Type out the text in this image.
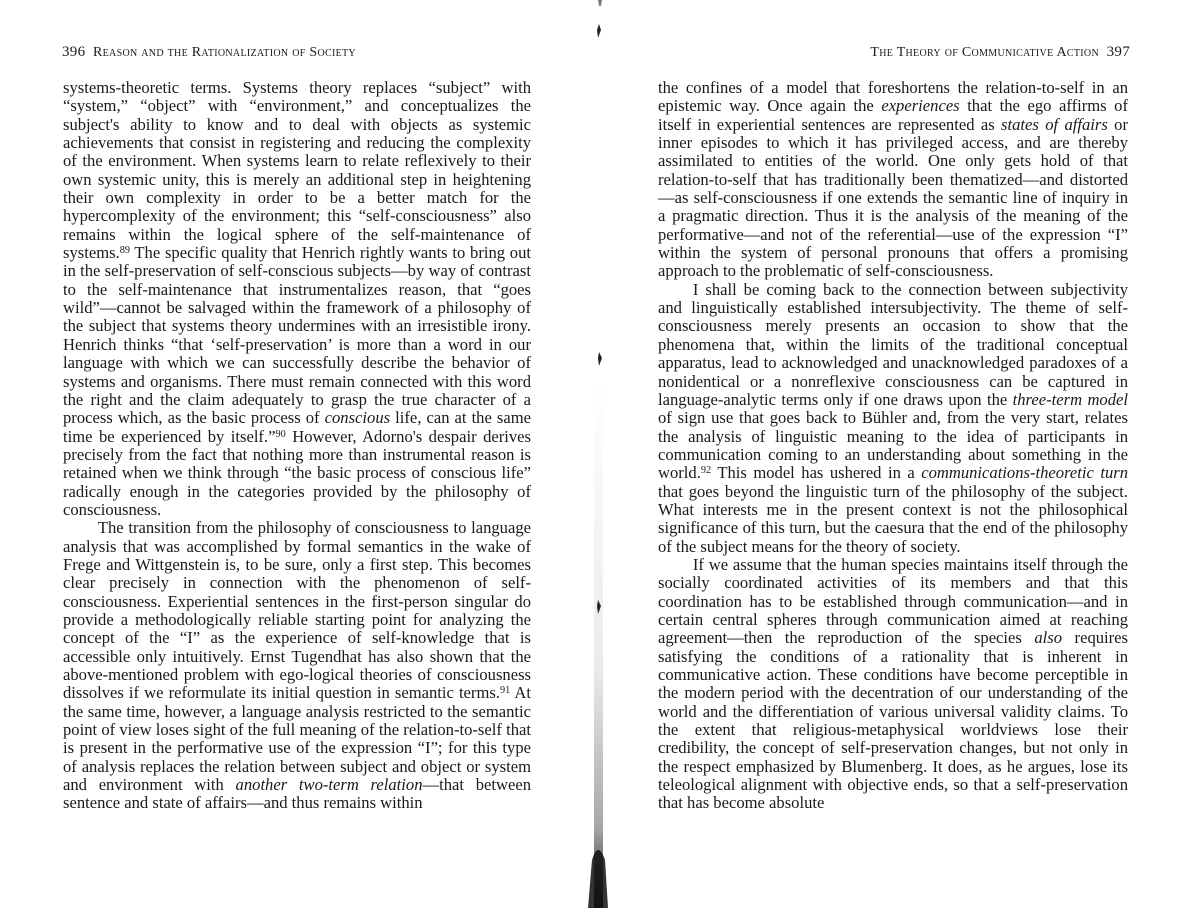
396 Reason and the Rationalization of Society

systems-theoretic terms. Systems theory replaces “subject” with “system,” “object” with “environment,” and conceptualizes the subject's ability to know and to deal with objects as systemic achievements that consist in registering and reducing the complexity of the environment. When systems learn to relate reflexively to their own systemic unity, this is merely an additional step in heightening their own complexity in order to be a better match for the hypercomplexity of the environment; this “self-consciousness” also remains within the logical sphere of the self-maintenance of systems.$^{89}$ The specific quality that Henrich rightly wants to bring out in the self-preservation of self-conscious subjects—by way of contrast to the self-maintenance that instrumentalizes reason, that “goes wild”—cannot be salvaged within the framework of a philosophy of the subject that systems theory undermines with an irresistible irony. Henrich thinks “that ‘self-preservation’ is more than a word in our language with which we can successfully describe the behavior of systems and organisms. There must remain connected with this word the right and the claim adequately to grasp the true character of a process which, as the basic process of conscious life, can at the same time be experienced by itself.”$^{90}$ However, Adorno's despair derives precisely from the fact that nothing more than instrumental reason is retained when we think through “the basic process of conscious life” radically enough in the categories provided by the philosophy of consciousness.

The transition from the philosophy of consciousness to language analysis that was accomplished by formal semantics in the wake of Frege and Wittgenstein is, to be sure, only a first step. This becomes clear precisely in connection with the phenomenon of self-consciousness. Experiential sentences in the first-person singular do provide a methodologically reliable starting point for analyzing the concept of the “I” as the experience of self-knowledge that is accessible only intuitively. Ernst Tugendhat has also shown that the above-mentioned problem with ego-logical theories of consciousness dissolves if we reformulate its initial question in semantic terms.$^{91}$ At the same time, however, a language analysis restricted to the semantic point of view loses sight of the full meaning of the relation-to-self that is present in the performative use of the expression “I”; for this type of analysis replaces the relation between subject and object or system and environment with another two-term relation—that between sentence and state of affairs—and thus remains within

The Theory of Communicative Action 397

the confines of a model that foreshortens the relation-to-self in an epistemic way. Once again the experiences that the ego affirms of itself in experiential sentences are represented as states of affairs or inner episodes to which it has privileged access, and are thereby assimilated to entities of the world. One only gets hold of that relation-to-self that has traditionally been thematized—and distorted—as self-consciousness if one extends the semantic line of inquiry in a pragmatic direction. Thus it is the analysis of the meaning of the performative—and not of the referential—use of the expression “I” within the system of personal pronouns that offers a promising approach to the problematic of self-consciousness.

I shall be coming back to the connection between subjectivity and linguistically established intersubjectivity. The theme of self-consciousness merely presents an occasion to show that the phenomena that, within the limits of the traditional conceptual apparatus, lead to acknowledged and unacknowledged paradoxes of a nonidentical or a nonreflexive consciousness can be captured in language-analytic terms only if one draws upon the three-term model of sign use that goes back to Bühler and, from the very start, relates the analysis of linguistic meaning to the idea of participants in communication coming to an understanding about something in the world.$^{92}$ This model has ushered in a communications-theoretic turn that goes beyond the linguistic turn of the philosophy of the subject. What interests me in the present context is not the philosophical significance of this turn, but the caesura that the end of the philosophy of the subject means for the theory of society.

If we assume that the human species maintains itself through the socially coordinated activities of its members and that this coordination has to be established through communication—and in certain central spheres through communication aimed at reaching agreement—then the reproduction of the species also requires satisfying the conditions of a rationality that is inherent in communicative action. These conditions have become perceptible in the modern period with the decentration of our understanding of the world and the differentiation of various universal validity claims. To the extent that religious-metaphysical worldviews lose their credibility, the concept of self-preservation changes, but not only in the respect emphasized by Blumenberg. It does, as he argues, lose its teleological alignment with objective ends, so that a self-preservation that has become absolute
